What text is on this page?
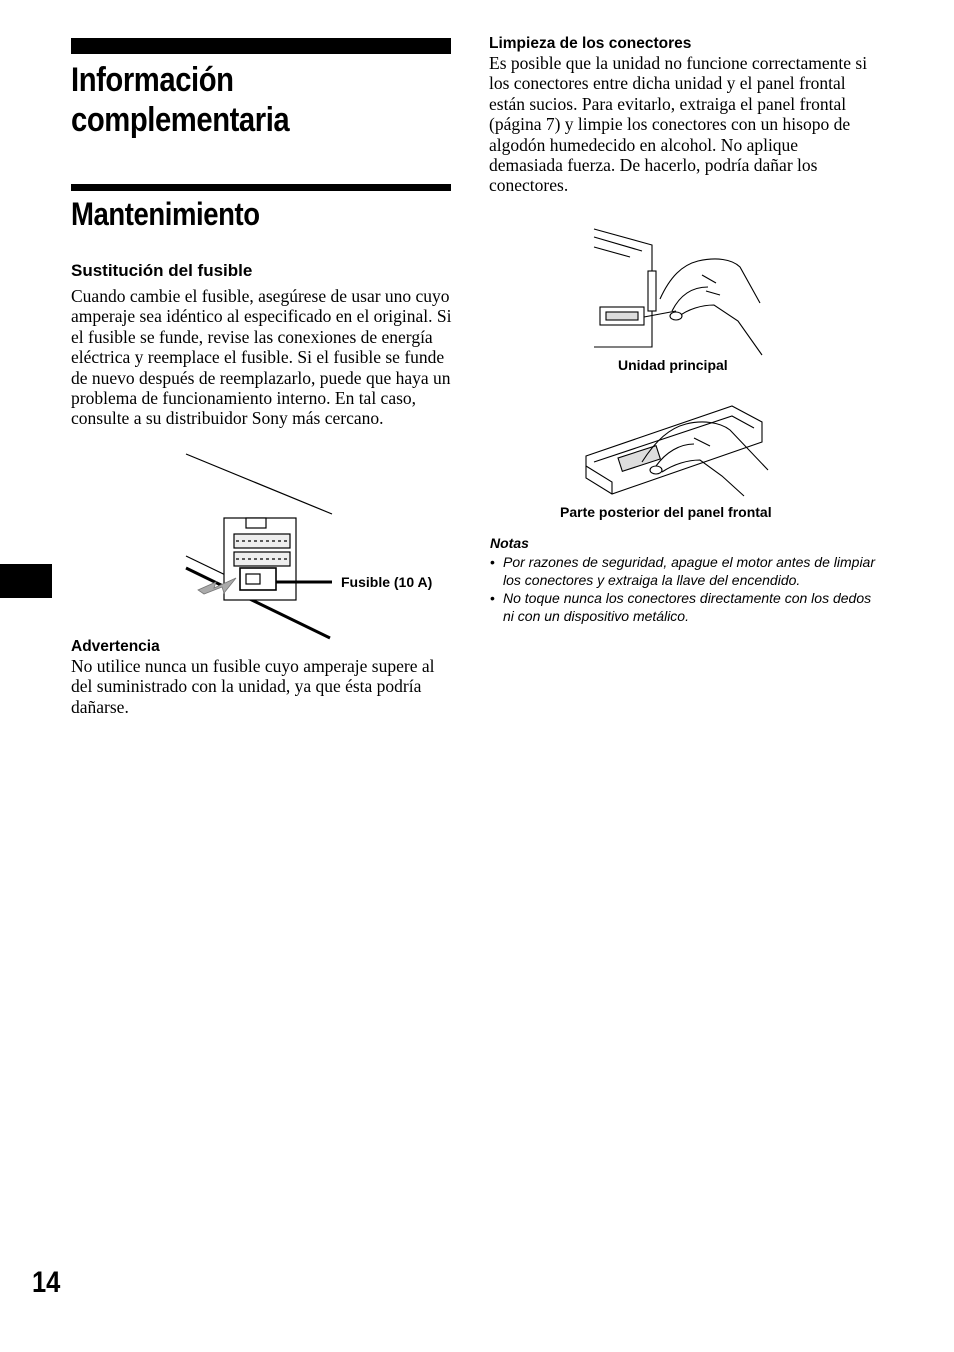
Información
complementaria
Mantenimiento
Sustitución del fusible
Cuando cambie el fusible, asegúrese de usar uno cuyo amperaje sea idéntico al especificado en el original. Si el fusible se funde, revise las conexiones de energía eléctrica y reemplace el fusible. Si el fusible se funde de nuevo después de reemplazarlo, puede que haya un problema de funcionamiento interno. En tal caso, consulte a su distribuidor Sony más cercano.
Fusible (10 A)
Advertencia
No utilice nunca un fusible cuyo amperaje supere al del suministrado con la unidad, ya que ésta podría dañarse.
Limpieza de los conectores
Es posible que la unidad no funcione correctamente si los conectores entre dicha unidad y el panel frontal están sucios. Para evitarlo, extraiga el panel frontal (página 7) y limpie los conectores con un hisopo de algodón humedecido en alcohol. No aplique demasiada fuerza. De hacerlo, podría dañar los conectores.
Unidad principal
Parte posterior del panel frontal
Notas
• Por razones de seguridad, apague el motor antes de limpiar los conectores y extraiga la llave del encendido.
• No toque nunca los conectores directamente con los dedos ni con un dispositivo metálico.
14
